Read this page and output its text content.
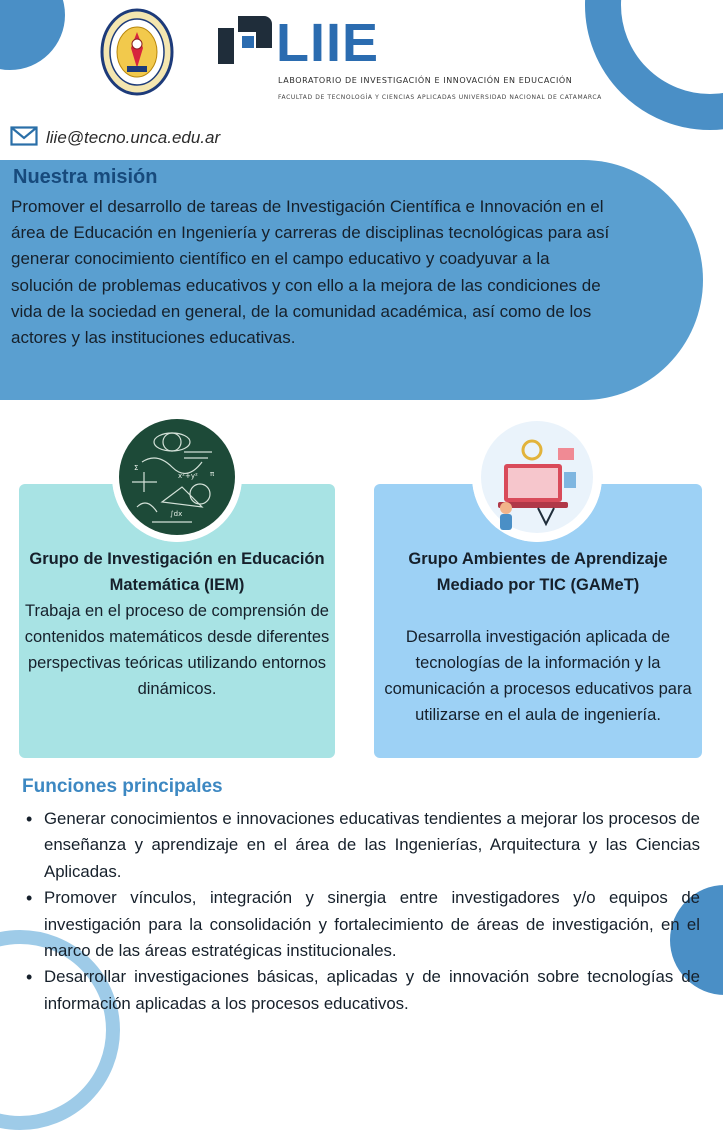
LIIE
LABORATORIO DE INVESTIGACIÓN E INNOVACIÓN EN EDUCACIÓN
FACULTAD DE TECNOLOGÍA Y CIENCIAS APLICADAS UNIVERSIDAD NACIONAL DE CATAMARCA
liie@tecno.unca.edu.ar
Nuestra misión
Promover el desarrollo de tareas de Investigación Científica e Innovación en el área de Educación en Ingeniería y carreras de disciplinas tecnológicas para así generar conocimiento científico en el campo educativo y coadyuvar a la solución de problemas educativos y con ello a la mejora de las condiciones de vida de la sociedad en general, de la comunidad académica, así como de los actores y las instituciones educativas.
x²+y²
Σ
π
∫dx
Grupo de Investigación en Educación Matemática (IEM)
Trabaja en el proceso de comprensión de contenidos matemáticos desde diferentes perspectivas teóricas utilizando entornos dinámicos.
Grupo Ambientes de Aprendizaje Mediado por TIC (GAMeT)
Desarrolla investigación aplicada de tecnologías de la información y la comunicación a procesos educativos para utilizarse en el aula de ingeniería.
Funciones principales
• Generar conocimientos e innovaciones educativas tendientes a mejorar los procesos de enseñanza y aprendizaje en el área de las Ingenierías, Arquitectura y las Ciencias Aplicadas.
• Promover vínculos, integración y sinergia entre investigadores y/o equipos de investigación para la consolidación y fortalecimiento de áreas de investigación, en el marco de las áreas estratégicas institucionales.
• Desarrollar investigaciones básicas, aplicadas y de innovación sobre tecnologías de información aplicadas a los procesos educativos.
